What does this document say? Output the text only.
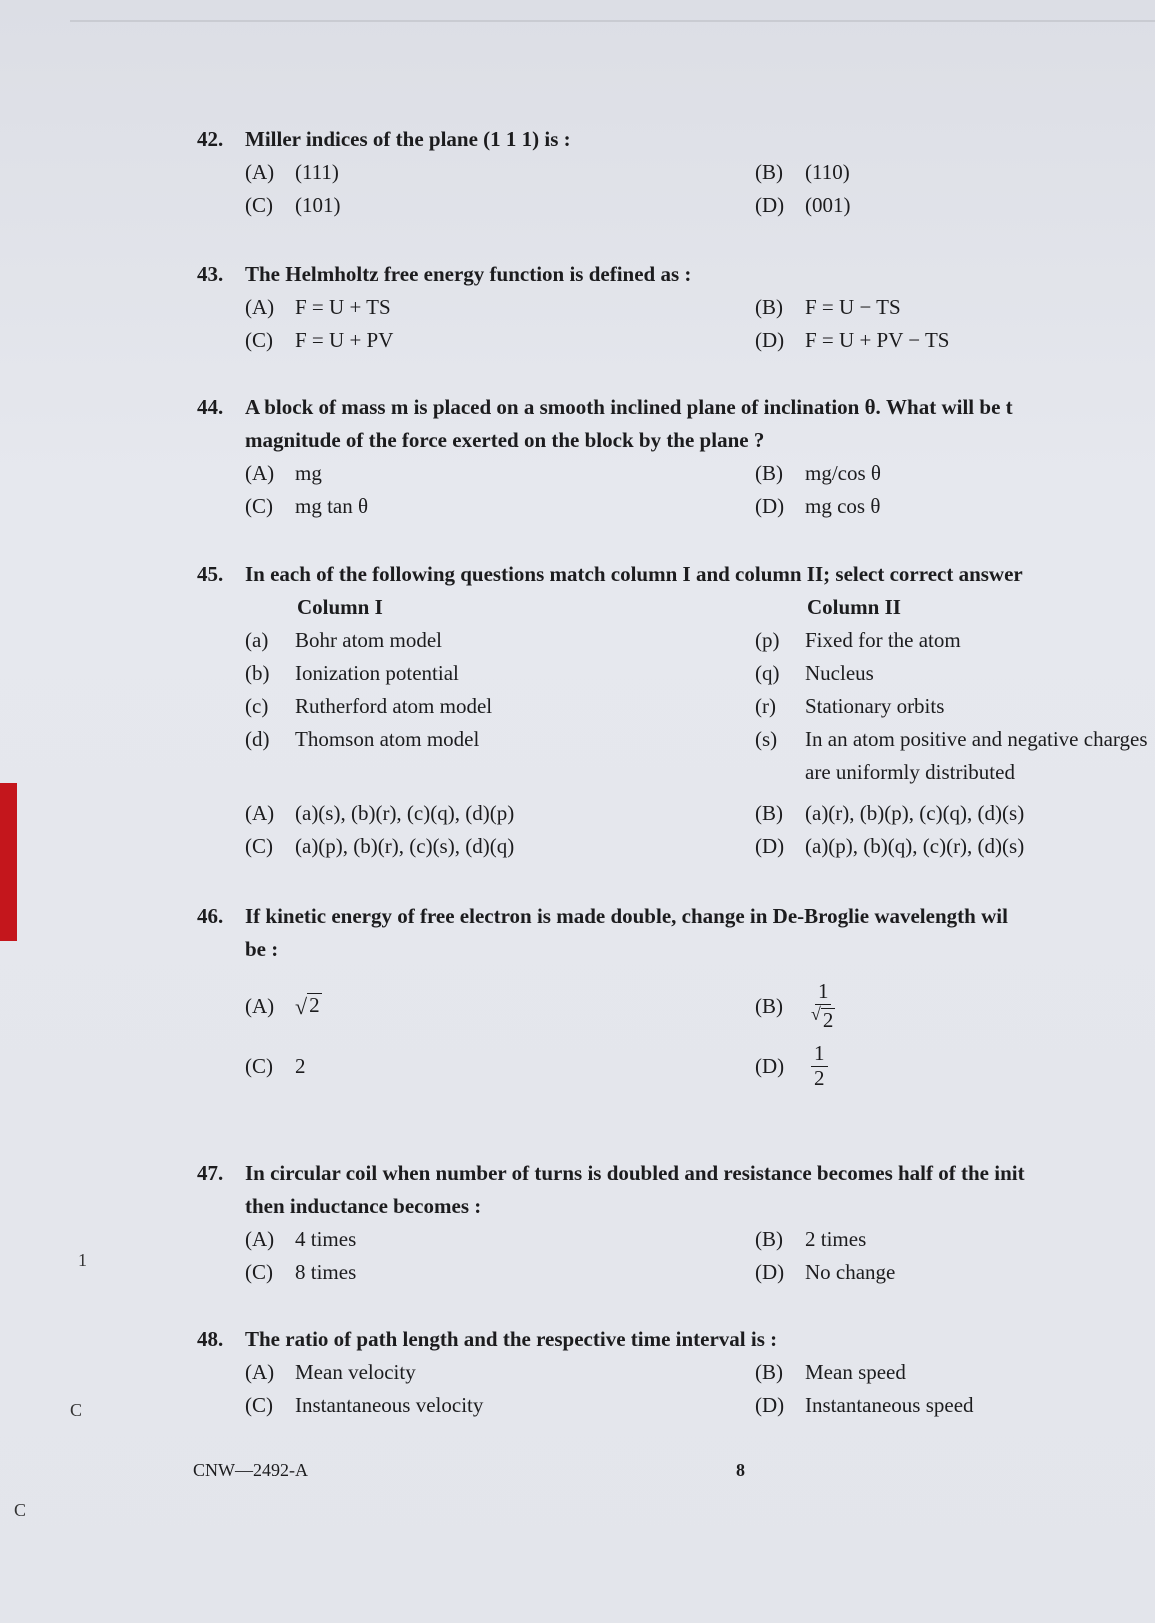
1
C
C
42.	Miller indices of the plane (1 1 1) is :
(A) (111)	(B)	(110)
(C)	(101)	(D) (001)
43.	The Helmholtz free energy function is defined as :
(A) F = U + TS	(B)	F = U − TS
(C)	F = U + PV	(D) F = U + PV − TS
44.	A block of mass m is placed on a smooth inclined plane of inclination θ. What will be t
magnitude of the force exerted on the block by the plane ?
(A) mg	(B)	mg/cos θ
(C)	mg tan θ	(D) mg cos θ
45.	In each of the following questions match column I and column II; select correct answer
Column I	Column II
(a)	Bohr atom model	(p)	Fixed for the atom
(b)	Ionization potential	(q)	Nucleus
(c)	Rutherford atom model	(r)	Stationary orbits
(d)	Thomson atom model	(s)	In an atom positive and negative charges are uniformly distributed
(A) (a)(s), (b)(r), (c)(q), (d)(p)	(B)	(a)(r), (b)(p), (c)(q), (d)(s)
(C)	(a)(p), (b)(r), (c)(s), (d)(q)	(D) (a)(p), (b)(q), (c)(r), (d)(s)
46.	If kinetic energy of free electron is made double, change in De-Broglie wavelength wil
be :
(A) √ 2	(B)	$\frac{1}{√ 2}$
(C)	2	(D)	$\frac{1}{2}$
47.	In circular coil when number of turns is doubled and resistance becomes half of the init
then inductance becomes :
(A) 4 times	(B)	2 times
(C)	8 times	(D) No change
48.	The ratio of path length and the respective time interval is :
(A) Mean velocity	(B)	Mean speed
(C)	Instantaneous velocity	(D) Instantaneous speed
CNW—2492-A	8
